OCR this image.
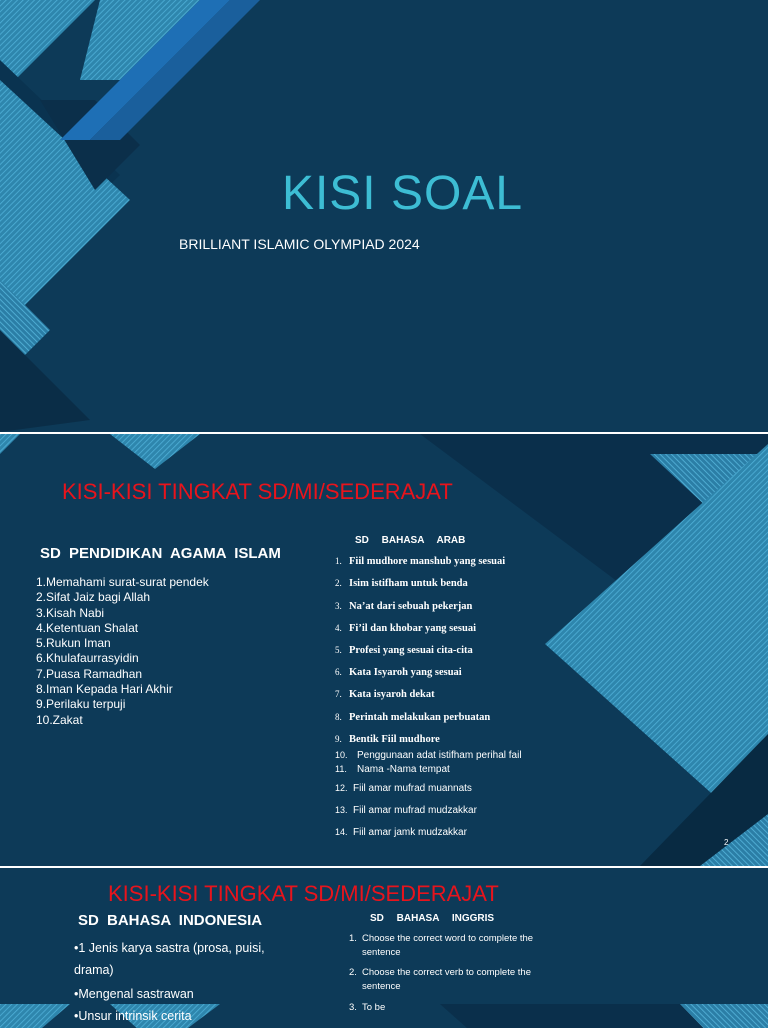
KISI SOAL
BRILLIANT ISLAMIC OLYMPIAD 2024
KISI-KISI TINGKAT SD/MI/SEDERAJAT
SD PENDIDIKAN AGAMA ISLAM
1.Memahami surat-surat pendek
2.Sifat Jaiz bagi Allah
3.Kisah Nabi
4.Ketentuan Shalat
5.Rukun Iman
6.Khulafaurrasyidin
7.Puasa Ramadhan
8.Iman Kepada Hari Akhir
9.Perilaku terpuji
10.Zakat
SD BAHASA ARAB
1. Fiil mudhore manshub yang sesuai
2. Isim istifham untuk benda
3. Na’at dari sebuah pekerjan
4. Fi’il dan khobar yang sesuai
5. Profesi yang sesuai cita-cita
6. Kata Isyaroh yang sesuai
7. Kata isyaroh dekat
8. Perintah melakukan perbuatan
9. Bentik Fiil mudhore
10. Penggunaan adat istifham perihal fail
11. Nama -Nama tempat
12. Fiil amar mufrad muannats
13. Fiil amar mufrad mudzakkar
14. Fiil amar jamk mudzakkar
2
KISI-KISI TINGKAT SD/MI/SEDERAJAT
SD BAHASA INDONESIA
•1 Jenis karya sastra (prosa, puisi,
drama)
•Mengenal sastrawan
•Unsur intrinsik cerita
SD BAHASA INGGRIS
1. Choose the correct word to complete the sentence
2. Choose the correct verb to complete the sentence
3. To be
